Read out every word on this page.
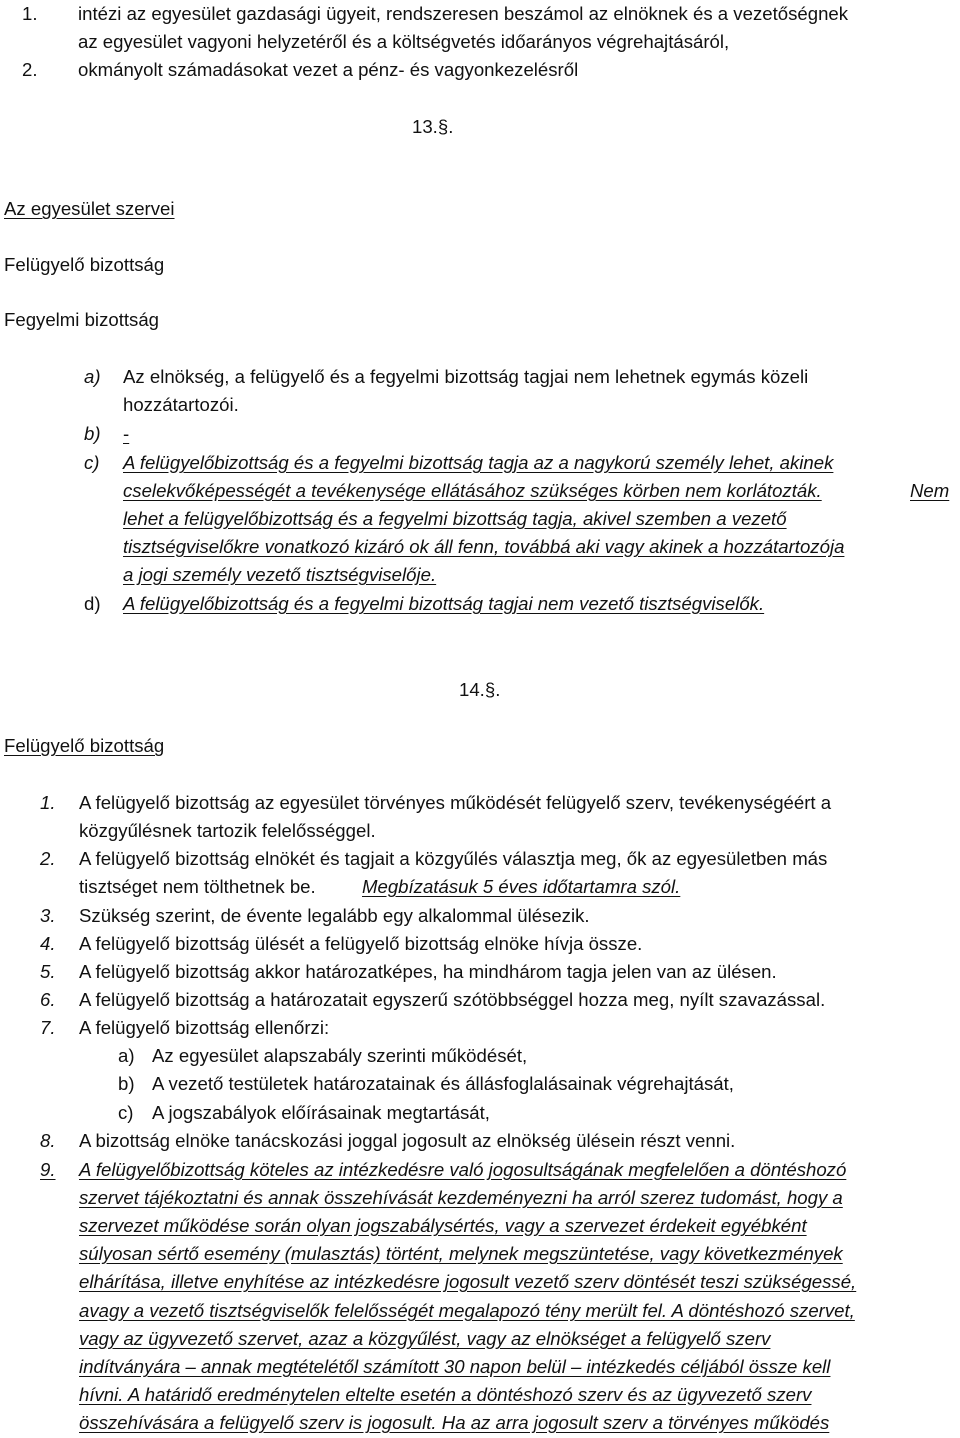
1. intézi az egyesület gazdasági ügyeit, rendszeresen beszámol az elnöknek és a vezetőségnek
az egyesület vagyoni helyzetéről és a költségvetés időarányos végrehajtásáról,
2. okmányolt számadásokat vezet a pénz- és vagyonkezelésről
13.§.
Az egyesület szervei
Felügyelő bizottság
Fegyelmi bizottság
a) Az elnökség, a felügyelő és a fegyelmi bizottság tagjai nem lehetnek egymás közeli
hozzátartozói.
b) -
c) A felügyelőbizottság és a fegyelmi bizottság tagja az a nagykorú személy lehet, akinek
cselekvőképességét a tevékenysége ellátásához szükséges körben nem korlátozták.	Nem
lehet a felügyelőbizottság és a fegyelmi bizottság tagja, akivel szemben a vezető
tisztségviselőkre vonatkozó kizáró ok áll fenn, továbbá aki vagy akinek a hozzátartozója
a jogi személy vezető tisztségviselője.
d) A felügyelőbizottság és a fegyelmi bizottság tagjai nem vezető tisztségviselők.
14.§.
Felügyelő bizottság
1. A felügyelő bizottság az egyesület törvényes működését felügyelő szerv, tevékenységéért a
közgyűlésnek tartozik felelősséggel.
2. A felügyelő bizottság elnökét és tagjait a közgyűlés választja meg, ők az egyesületben más
tisztséget nem tölthetnek be. Megbízatásuk 5 éves időtartamra szól.
3. Szükség szerint, de évente legalább egy alkalommal ülésezik.
4. A felügyelő bizottság ülését a felügyelő bizottság elnöke hívja össze.
5. A felügyelő bizottság akkor határozatképes, ha mindhárom tagja jelen van az ülésen.
6. A felügyelő bizottság a határozatait egyszerű szótöbbséggel hozza meg, nyílt szavazással.
7. A felügyelő bizottság ellenőrzi:
a) Az egyesület alapszabály szerinti működését,
b) A vezető testületek határozatainak és állásfoglalásainak végrehajtását,
c) A jogszabályok előírásainak megtartását,
8. A bizottság elnöke tanácskozási joggal jogosult az elnökség ülésein részt venni.
9. A felügyelőbizottság köteles az intézkedésre való jogosultságának megfelelően a döntéshozó
szervet tájékoztatni és annak összehívását kezdeményezni ha arról szerez tudomást, hogy a
szervezet működése során olyan jogszabálysértés, vagy a szervezet érdekeit egyébként
súlyosan sértő esemény (mulasztás) történt, melynek megszüntetése, vagy következmények
elhárítása, illetve enyhítése az intézkedésre jogosult vezető szerv döntését teszi szükségessé,
avagy a vezető tisztségviselők felelősségét megalapozó tény merült fel. A döntéshozó szervet,
vagy az ügyvezető szervet, azaz a közgyűlést, vagy az elnökséget a felügyelő szerv
indítványára – annak megtételétől számított 30 napon belül – intézkedés céljából össze kell
hívni. A határidő eredménytelen eltelte esetén a döntéshozó szerv és az ügyvezető szerv
összehívására a felügyelő szerv is jogosult. Ha az arra jogosult szerv a törvényes működés
